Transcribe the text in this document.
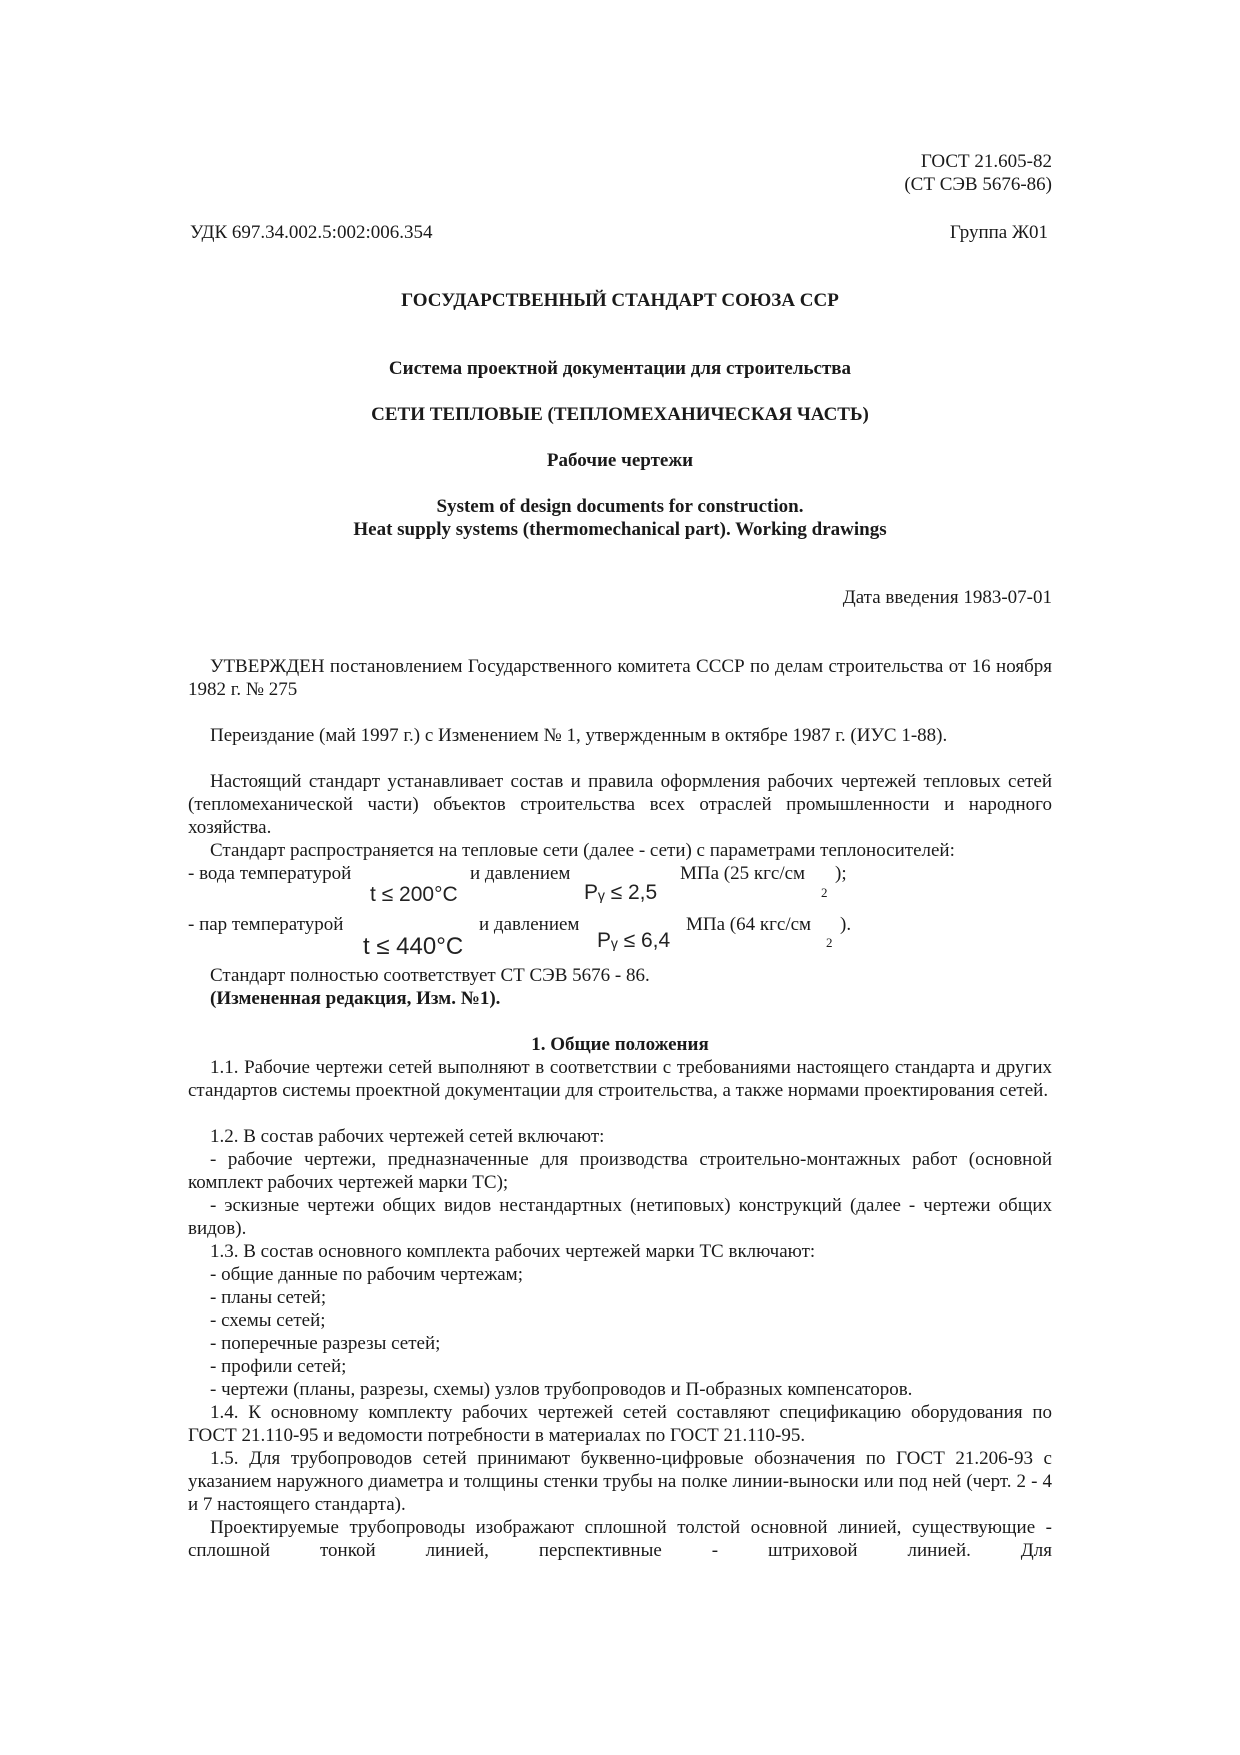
ГОСТ 21.605-82
(СТ СЭВ 5676-86)
УДК 697.34.002.5:002:006.354	Группа Ж01
ГОСУДАРСТВЕННЫЙ СТАНДАРТ СОЮЗА ССР
Система проектной документации для строительства
СЕТИ ТЕПЛОВЫЕ (ТЕПЛОМЕХАНИЧЕСКАЯ ЧАСТЬ)
Рабочие чертежи
System of design documents for construction.
Heat supply systems (thermomechanical part). Working drawings
Дата введения 1983-07-01
УТВЕРЖДЕН постановлением Государственного комитета СССР по делам строительства от 16 ноября 1982 г. № 275
Переиздание (май 1997 г.) с Изменением № 1, утвержденным в октябре 1987 г. (ИУС 1-88).
Настоящий стандарт устанавливает состав и правила оформления рабочих чертежей тепловых сетей (тепломеханической части) объектов строительства всех отраслей промышленности и народного хозяйства.
Стандарт распространяется на тепловые сети (далее - сети) с параметрами теплоносителей:
- вода температурой	и давлением	МПа (25 кгс/см );
2
t ≤ 200°C	Pᵧ ≤ 2,5
- пар температурой	и давлением	МПа (64 кгс/см ).
2
t ≤ 440°C	Pᵧ ≤ 6,4
Стандарт полностью соответствует СТ СЭВ 5676 - 86.
(Измененная редакция, Изм. №1).
1. Общие положения
1.1. Рабочие чертежи сетей выполняют в соответствии с требованиями настоящего стандарта и других стандартов системы проектной документации для строительства, а также нормами проектирования сетей.
1.2. В состав рабочих чертежей сетей включают:
- рабочие чертежи, предназначенные для производства строительно-монтажных работ (основной комплект рабочих чертежей марки ТС);
- эскизные чертежи общих видов нестандартных (нетиповых) конструкций (далее - чертежи общих видов).
1.3. В состав основного комплекта рабочих чертежей марки ТС включают:
- общие данные по рабочим чертежам;
- планы сетей;
- схемы сетей;
- поперечные разрезы сетей;
- профили сетей;
- чертежи (планы, разрезы, схемы) узлов трубопроводов и П-образных компенсаторов.
1.4. К основному комплекту рабочих чертежей сетей составляют спецификацию оборудования по ГОСТ 21.110-95 и ведомости потребности в материалах по ГОСТ 21.110-95.
1.5. Для трубопроводов сетей принимают буквенно-цифровые обозначения по ГОСТ 21.206-93 с указанием наружного диаметра и толщины стенки трубы на полке линии-выноски или под ней (черт. 2 - 4 и 7 настоящего стандарта).
Проектируемые трубопроводы изображают сплошной толстой основной линией, существующие - сплошной тонкой линией, перспективные - штриховой линией. Для
